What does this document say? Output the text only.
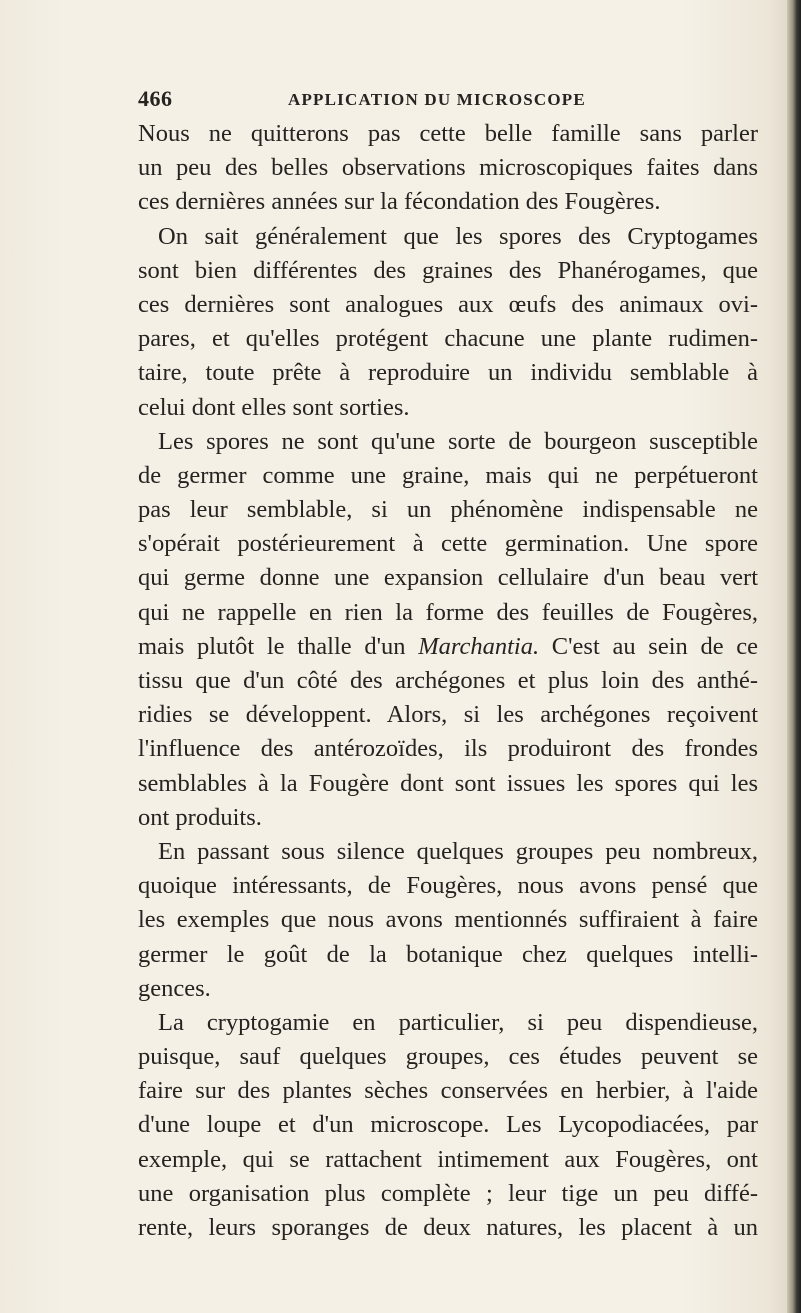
466	APPLICATION DU MICROSCOPE
Nous ne quitterons pas cette belle famille sans parler
un peu des belles observations microscopiques faites dans
ces dernières années sur la fécondation des Fougères.
On sait généralement que les spores des Cryptogames
sont bien différentes des graines des Phanérogames, que
ces dernières sont analogues aux œufs des animaux ovi-
pares, et qu'elles protégent chacune une plante rudimen-
taire, toute prête à reproduire un individu semblable à
celui dont elles sont sorties.
Les spores ne sont qu'une sorte de bourgeon susceptible
de germer comme une graine, mais qui ne perpétueront
pas leur semblable, si un phénomène indispensable ne
s'opérait postérieurement à cette germination. Une spore
qui germe donne une expansion cellulaire d'un beau vert
qui ne rappelle en rien la forme des feuilles de Fougères,
mais plutôt le thalle d'un Marchantia. C'est au sein de ce
tissu que d'un côté des archégones et plus loin des anthé-
ridies se développent. Alors, si les archégones reçoivent
l'influence des antérozoïdes, ils produiront des frondes
semblables à la Fougère dont sont issues les spores qui les
ont produits.
En passant sous silence quelques groupes peu nombreux,
quoique intéressants, de Fougères, nous avons pensé que
les exemples que nous avons mentionnés suffiraient à faire
germer le goût de la botanique chez quelques intelli-
gences.
La cryptogamie en particulier, si peu dispendieuse,
puisque, sauf quelques groupes, ces études peuvent se
faire sur des plantes sèches conservées en herbier, à l'aide
d'une loupe et d'un microscope. Les Lycopodiacées, par
exemple, qui se rattachent intimement aux Fougères, ont
une organisation plus complète ; leur tige un peu diffé-
rente, leurs sporanges de deux natures, les placent à un
